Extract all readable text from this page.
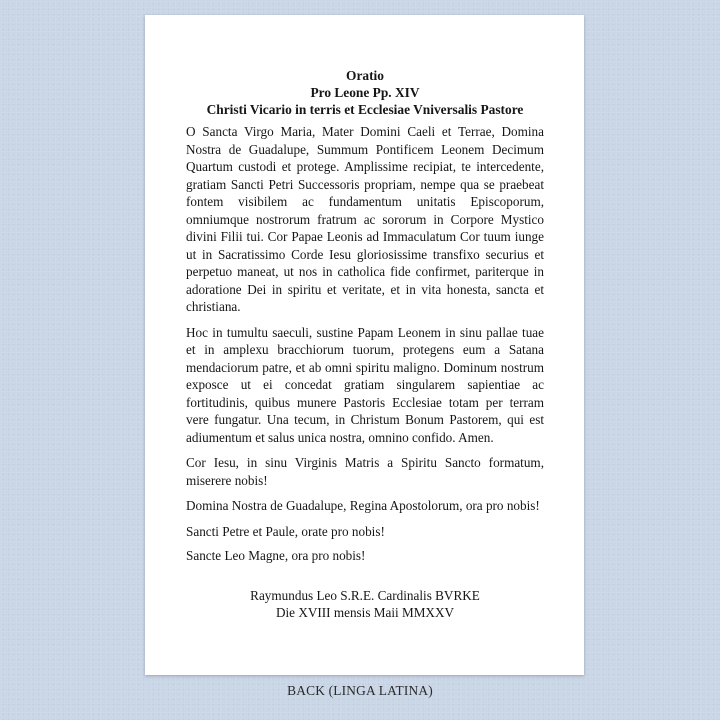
Oratio
Pro Leone Pp. XIV
Christi Vicario in terris et Ecclesiae Vniversalis Pastore

O Sancta Virgo Maria, Mater Domini Caeli et Terrae, Domina Nostra de Guadalupe, Summum Pontificem Leonem Decimum Quartum custodi et protege. Amplissime recipiat, te intercedente, gratiam Sancti Petri Successoris propriam, nempe qua se praebeat fontem visibilem ac fundamentum unitatis Episcoporum, omniumque nostrorum fratrum ac sororum in Corpore Mystico divini Filii tui. Cor Papae Leonis ad Immaculatum Cor tuum iunge ut in Sacratissimo Corde Iesu gloriosissime transfixo securius et perpetuo maneat, ut nos in catholica fide confirmet, pariterque in adoratione Dei in spiritu et veritate, et in vita honesta, sancta et christiana.

Hoc in tumultu saeculi, sustine Papam Leonem in sinu pallae tuae et in amplexu bracchiorum tuorum, protegens eum a Satana mendaciorum patre, et ab omni spiritu maligno. Dominum nostrum exposce ut ei concedat gratiam singularem sapientiae ac fortitudinis, quibus munere Pastoris Ecclesiae totam per terram vere fungatur. Una tecum, in Christum Bonum Pastorem, qui est adiumentum et salus unica nostra, omnino confido. Amen.

Cor Iesu, in sinu Virginis Matris a Spiritu Sancto formatum, miserere nobis!

Domina Nostra de Guadalupe, Regina Apostolorum, ora pro nobis!

Sancti Petre et Paule, orate pro nobis!

Sancte Leo Magne, ora pro nobis!

Raymundus Leo S.R.E. Cardinalis BVRKE
Die XVIII mensis Maii MMXXV
BACK (LINGA LATINA)
